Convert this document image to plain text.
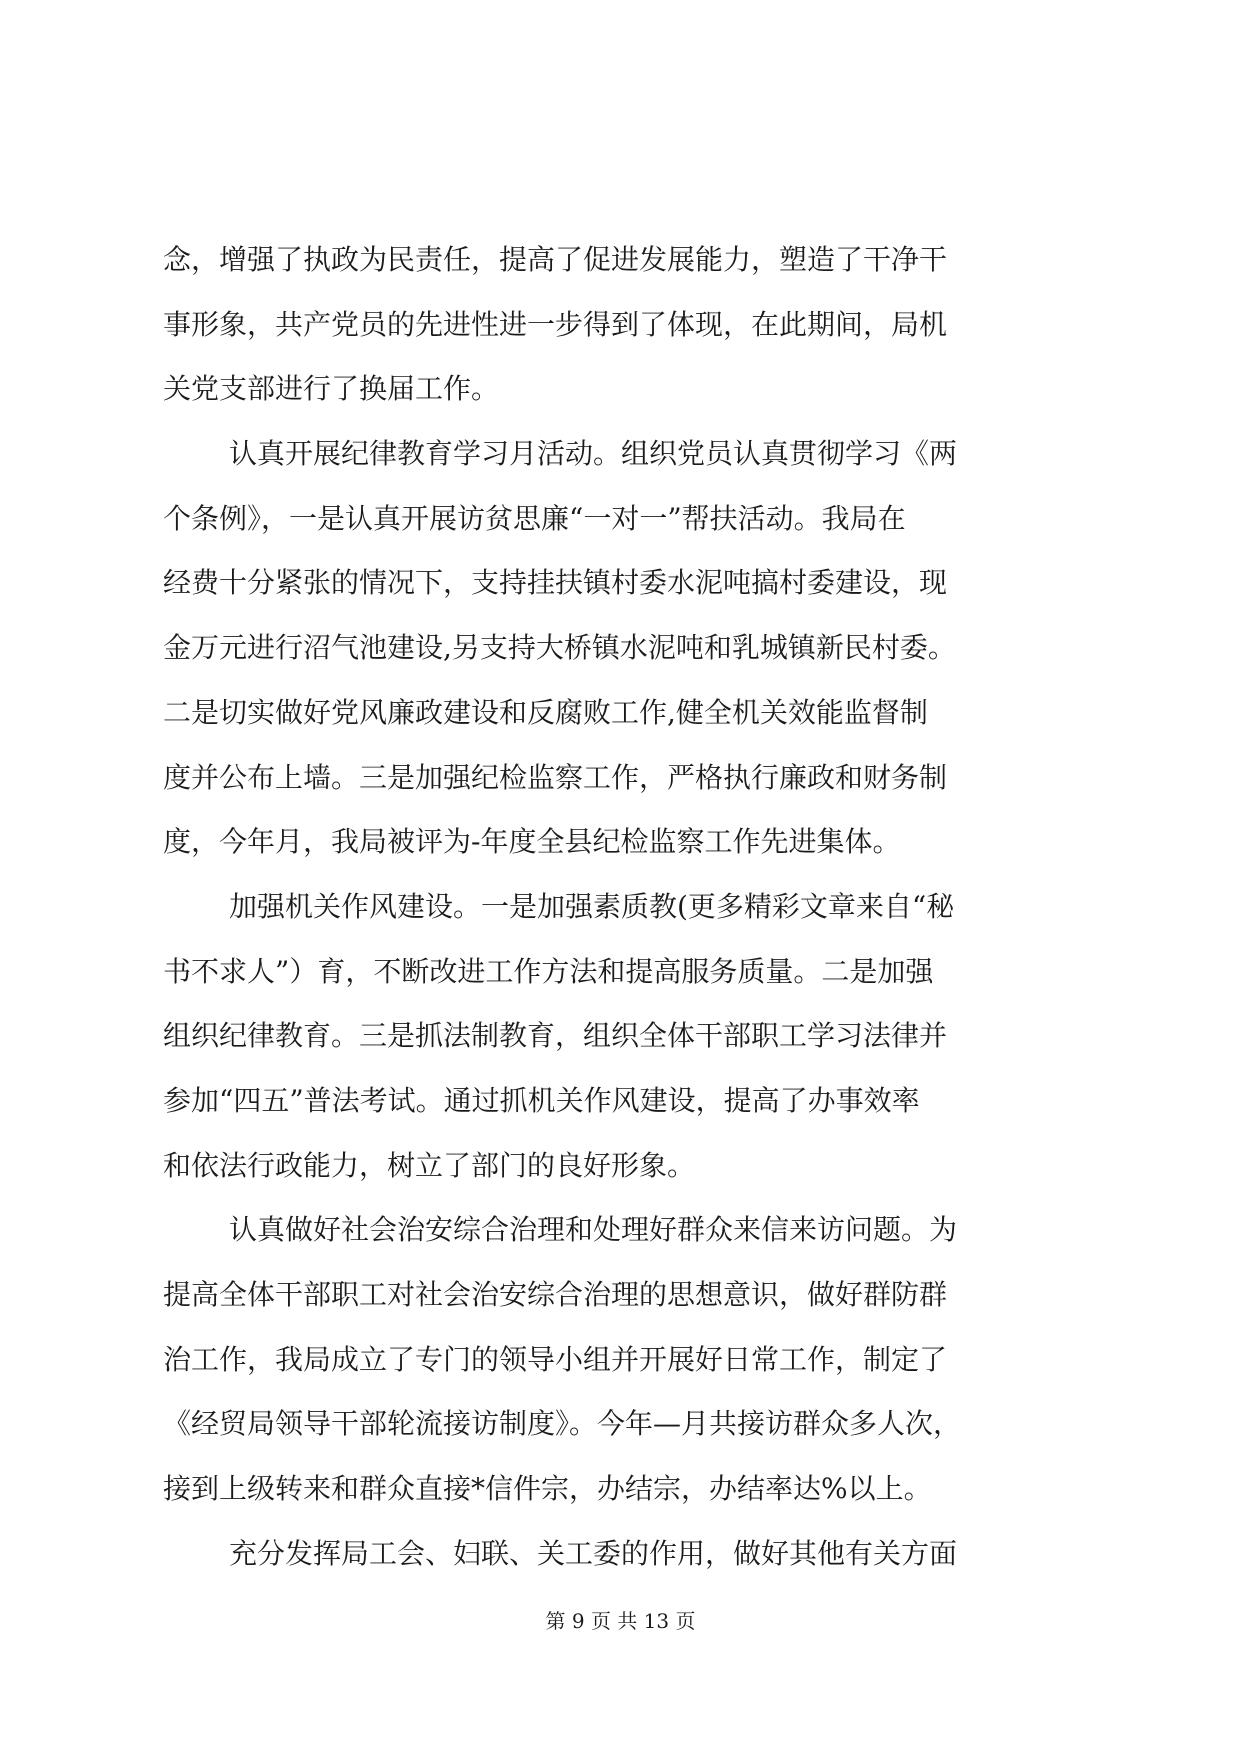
念，增强了执政为民责任，提高了促进发展能力，塑造了干净干
事形象，共产党员的先进性进一步得到了体现，在此期间，局机
关党支部进行了换届工作。
认真开展纪律教育学习月活动。组织党员认真贯彻学习《两
个条例》，一是认真开展访贫思廉“一对一”帮扶活动。我局在
经费十分紧张的情况下，支持挂扶镇村委水泥吨搞村委建设，现
金万元进行沼气池建设,另支持大桥镇水泥吨和乳城镇新民村委。
二是切实做好党风廉政建设和反腐败工作,健全机关效能监督制
度并公布上墙。三是加强纪检监察工作，严格执行廉政和财务制
度，今年月，我局被评为-年度全县纪检监察工作先进集体。
加强机关作风建设。一是加强素质教(更多精彩文章来自“秘
书不求人”）育，不断改进工作方法和提高服务质量。二是加强
组织纪律教育。三是抓法制教育，组织全体干部职工学习法律并
参加“四五”普法考试。通过抓机关作风建设，提高了办事效率
和依法行政能力，树立了部门的良好形象。
认真做好社会治安综合治理和处理好群众来信来访问题。为
提高全体干部职工对社会治安综合治理的思想意识，做好群防群
治工作，我局成立了专门的领导小组并开展好日常工作，制定了
《经贸局领导干部轮流接访制度》。今年—月共接访群众多人次，
接到上级转来和群众直接*信件宗，办结宗，办结率达%以上。
充分发挥局工会、妇联、关工委的作用，做好其他有关方面
第 9 页 共 13 页
